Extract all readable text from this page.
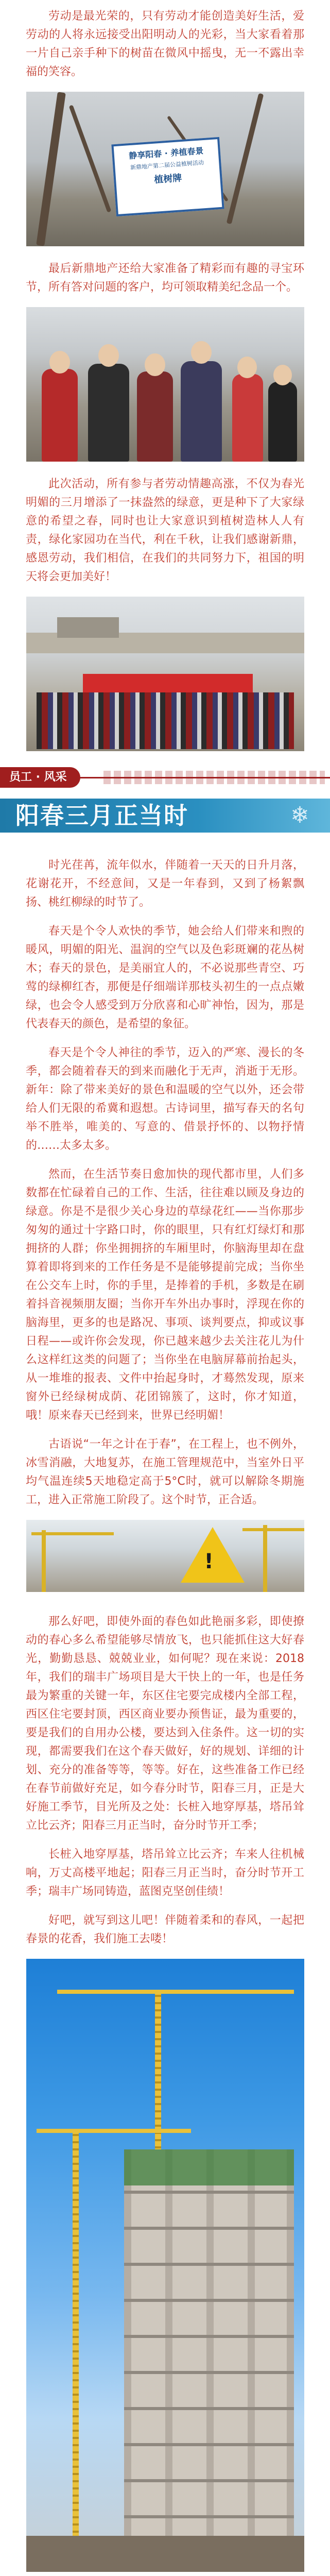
劳动是最光荣的，只有劳动才能创造美好生活，爱劳动的人将永远接受出阳明动人的光彩，当大家看着那一片自己亲手种下的树苗在微风中摇曳，无一不露出幸福的笑容。

静享阳春 · 养植春景
新鼎地产第二届公益植树活动
植树牌

最后新鼎地产还给大家准备了精彩而有趣的寻宝环节，所有答对问题的客户，均可领取精美纪念品一个。

此次活动，所有参与者劳动情趣高涨，不仅为春光明媚的三月增添了一抹盎然的绿意，更是种下了大家绿意的希望之春，同时也让大家意识到植树造林人人有责，绿化家园功在当代，利在千秋，让我们感谢新鼎，感恩劳动，我们相信，在我们的共同努力下，祖国的明天将会更加美好！

员工 · 风采
阳春三月正当时	❄

时光荏苒，流年似水，伴随着一天天的日升月落，花谢花开，不经意间，又是一年春到，又到了杨絮飘扬、桃红柳绿的时节了。

春天是个令人欢快的季节，她会给人们带来和煦的暖风，明媚的阳光、温润的空气以及色彩斑斓的花丛树木；春天的景色，是美丽宜人的，不必说那些青空、巧莺的绿柳红杏，那便是仔细端详那枝头初生的一点点嫩绿，也会令人感受到万分欣喜和心旷神怡，因为，那是代表春天的颜色，是希望的象征。

春天是个令人神往的季节，迈入的严寒、漫长的冬季，都会随着春天的到来而融化于无声，消逝于无形。新年：除了带来美好的景色和温暖的空气以外，还会带给人们无限的希冀和遐想。古诗词里，描写春天的名句举不胜举，唯美的、写意的、借景抒怀的、以物抒情的……太多太多。

然而，在生活节奏日愈加快的现代都市里，人们多数都在忙碌着自己的工作、生活，往往难以顾及身边的绿意。你是不是很少关心身边的草绿花红——当你那步匆匆的通过十字路口时，你的眼里，只有红灯绿灯和那拥挤的人群；你坐拥拥挤的车厢里时，你脑海里却在盘算着即将到来的工作任务是不是能够提前完成；当你坐在公交车上时，你的手里，是捧着的手机，多数是在刷着抖音视频朋友圈；当你开车外出办事时，浮现在你的脑海里，更多的也是路况、事项、谈判要点，抑或议事日程——或许你会发现，你已越来越少去关注花儿为什么这样红这类的问题了；当你坐在电脑屏幕前抬起头，从一堆堆的报表、文件中抬起身时，才蓦然发现，原来窗外已经绿树成荫、花团锦簇了，这时，你才知道，哦！原来春天已经到来，世界已经明媚！

古语说“一年之计在于春”，在工程上，也不例外，冰雪消融，大地复苏，在施工管理规范中，当室外日平均气温连续5天地稳定高于5°C时，就可以解除冬期施工，进入正常施工阶段了。这个时节，正合适。

!

那么好吧，即使外面的春色如此艳丽多彩，即使撩动的春心多么希望能够尽情放飞，也只能抓住这大好春光，勤勤恳恳、兢兢业业，如何呢？现在来说：2018年，我们的瑞丰广场项目是大干快上的一年，也是任务最为繁重的关键一年，东区住宅要完成楼内全部工程，西区住宅要封顶，西区商业要办预售证，最为重要的，要是我们的自用办公楼，要达到入住条件。这一切的实现，都需要我们在这个春天做好，好的规划、详细的计划、充分的准备等等，等等。好在，这些准备工作已经在春节前做好充足，如今春分时节，阳春三月，正是大好施工季节，目光所及之处：长桩入地穿厚基，塔吊耸立比云齐；阳春三月正当时，奋分时节开工季；

长桩入地穿厚基，塔吊耸立比云齐；车来人往机械响，万丈高楼平地起；阳春三月正当时，奋分时节开工季；瑞丰广场同铸造，蓝图克坚创佳绩！

好吧，就写到这儿吧！伴随着柔和的春风，一起把春景的花香，我们施工去喽！
